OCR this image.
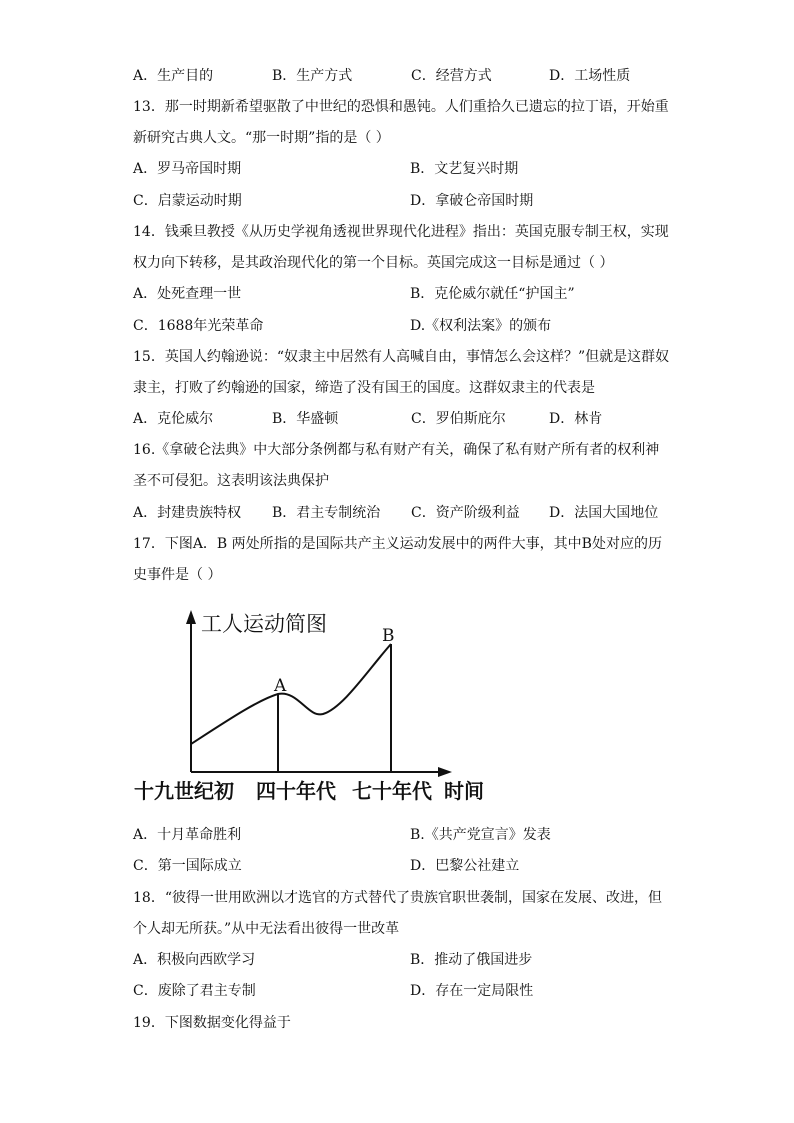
A．生产目的	B．生产方式	C．经营方式	D．工场性质
13．那一时期新希望驱散了中世纪的恐惧和愚钝。人们重拾久已遗忘的拉丁语，开始重
新研究古典人文。“那一时期”指的是（ ）
A．罗马帝国时期	B．文艺复兴时期
C．启蒙运动时期	D．拿破仑帝国时期
14．钱乘旦教授《从历史学视角透视世界现代化进程》指出：英国克服专制王权，实现
权力向下转移，是其政治现代化的第一个目标。英国完成这一目标是通过（ ）
A．处死查理一世	B．克伦威尔就任“护国主”
C．1688年光荣革命	D.《权利法案》的颁布
15．英国人约翰逊说：“奴隶主中居然有人高喊自由，事情怎么会这样？”但就是这群奴
隶主，打败了约翰逊的国家，缔造了没有国王的国度。这群奴隶主的代表是
A．克伦威尔	B．华盛顿	C．罗伯斯庇尔	D．林肯
16.《拿破仑法典》中大部分条例都与私有财产有关，确保了私有财产所有者的权利神
圣不可侵犯。这表明该法典保护
A．封建贵族特权 B．君主专制统治 C．资产阶级利益 D．法国大国地位
17．下图A．B 两处所指的是国际共产主义运动发展中的两件大事，其中B处对应的历
史事件是（ ）
工人运动简图
A
B
十九世纪初 四十年代 七十年代 时间
A．十月革命胜利	B.《共产党宣言》发表
C．第一国际成立	D．巴黎公社建立
18．“彼得一世用欧洲以才选官的方式替代了贵族官职世袭制，国家在发展、改进，但
个人却无所获。”从中无法看出彼得一世改革
A．积极向西欧学习	B．推动了俄国进步
C．废除了君主专制	D．存在一定局限性
19．下图数据变化得益于
